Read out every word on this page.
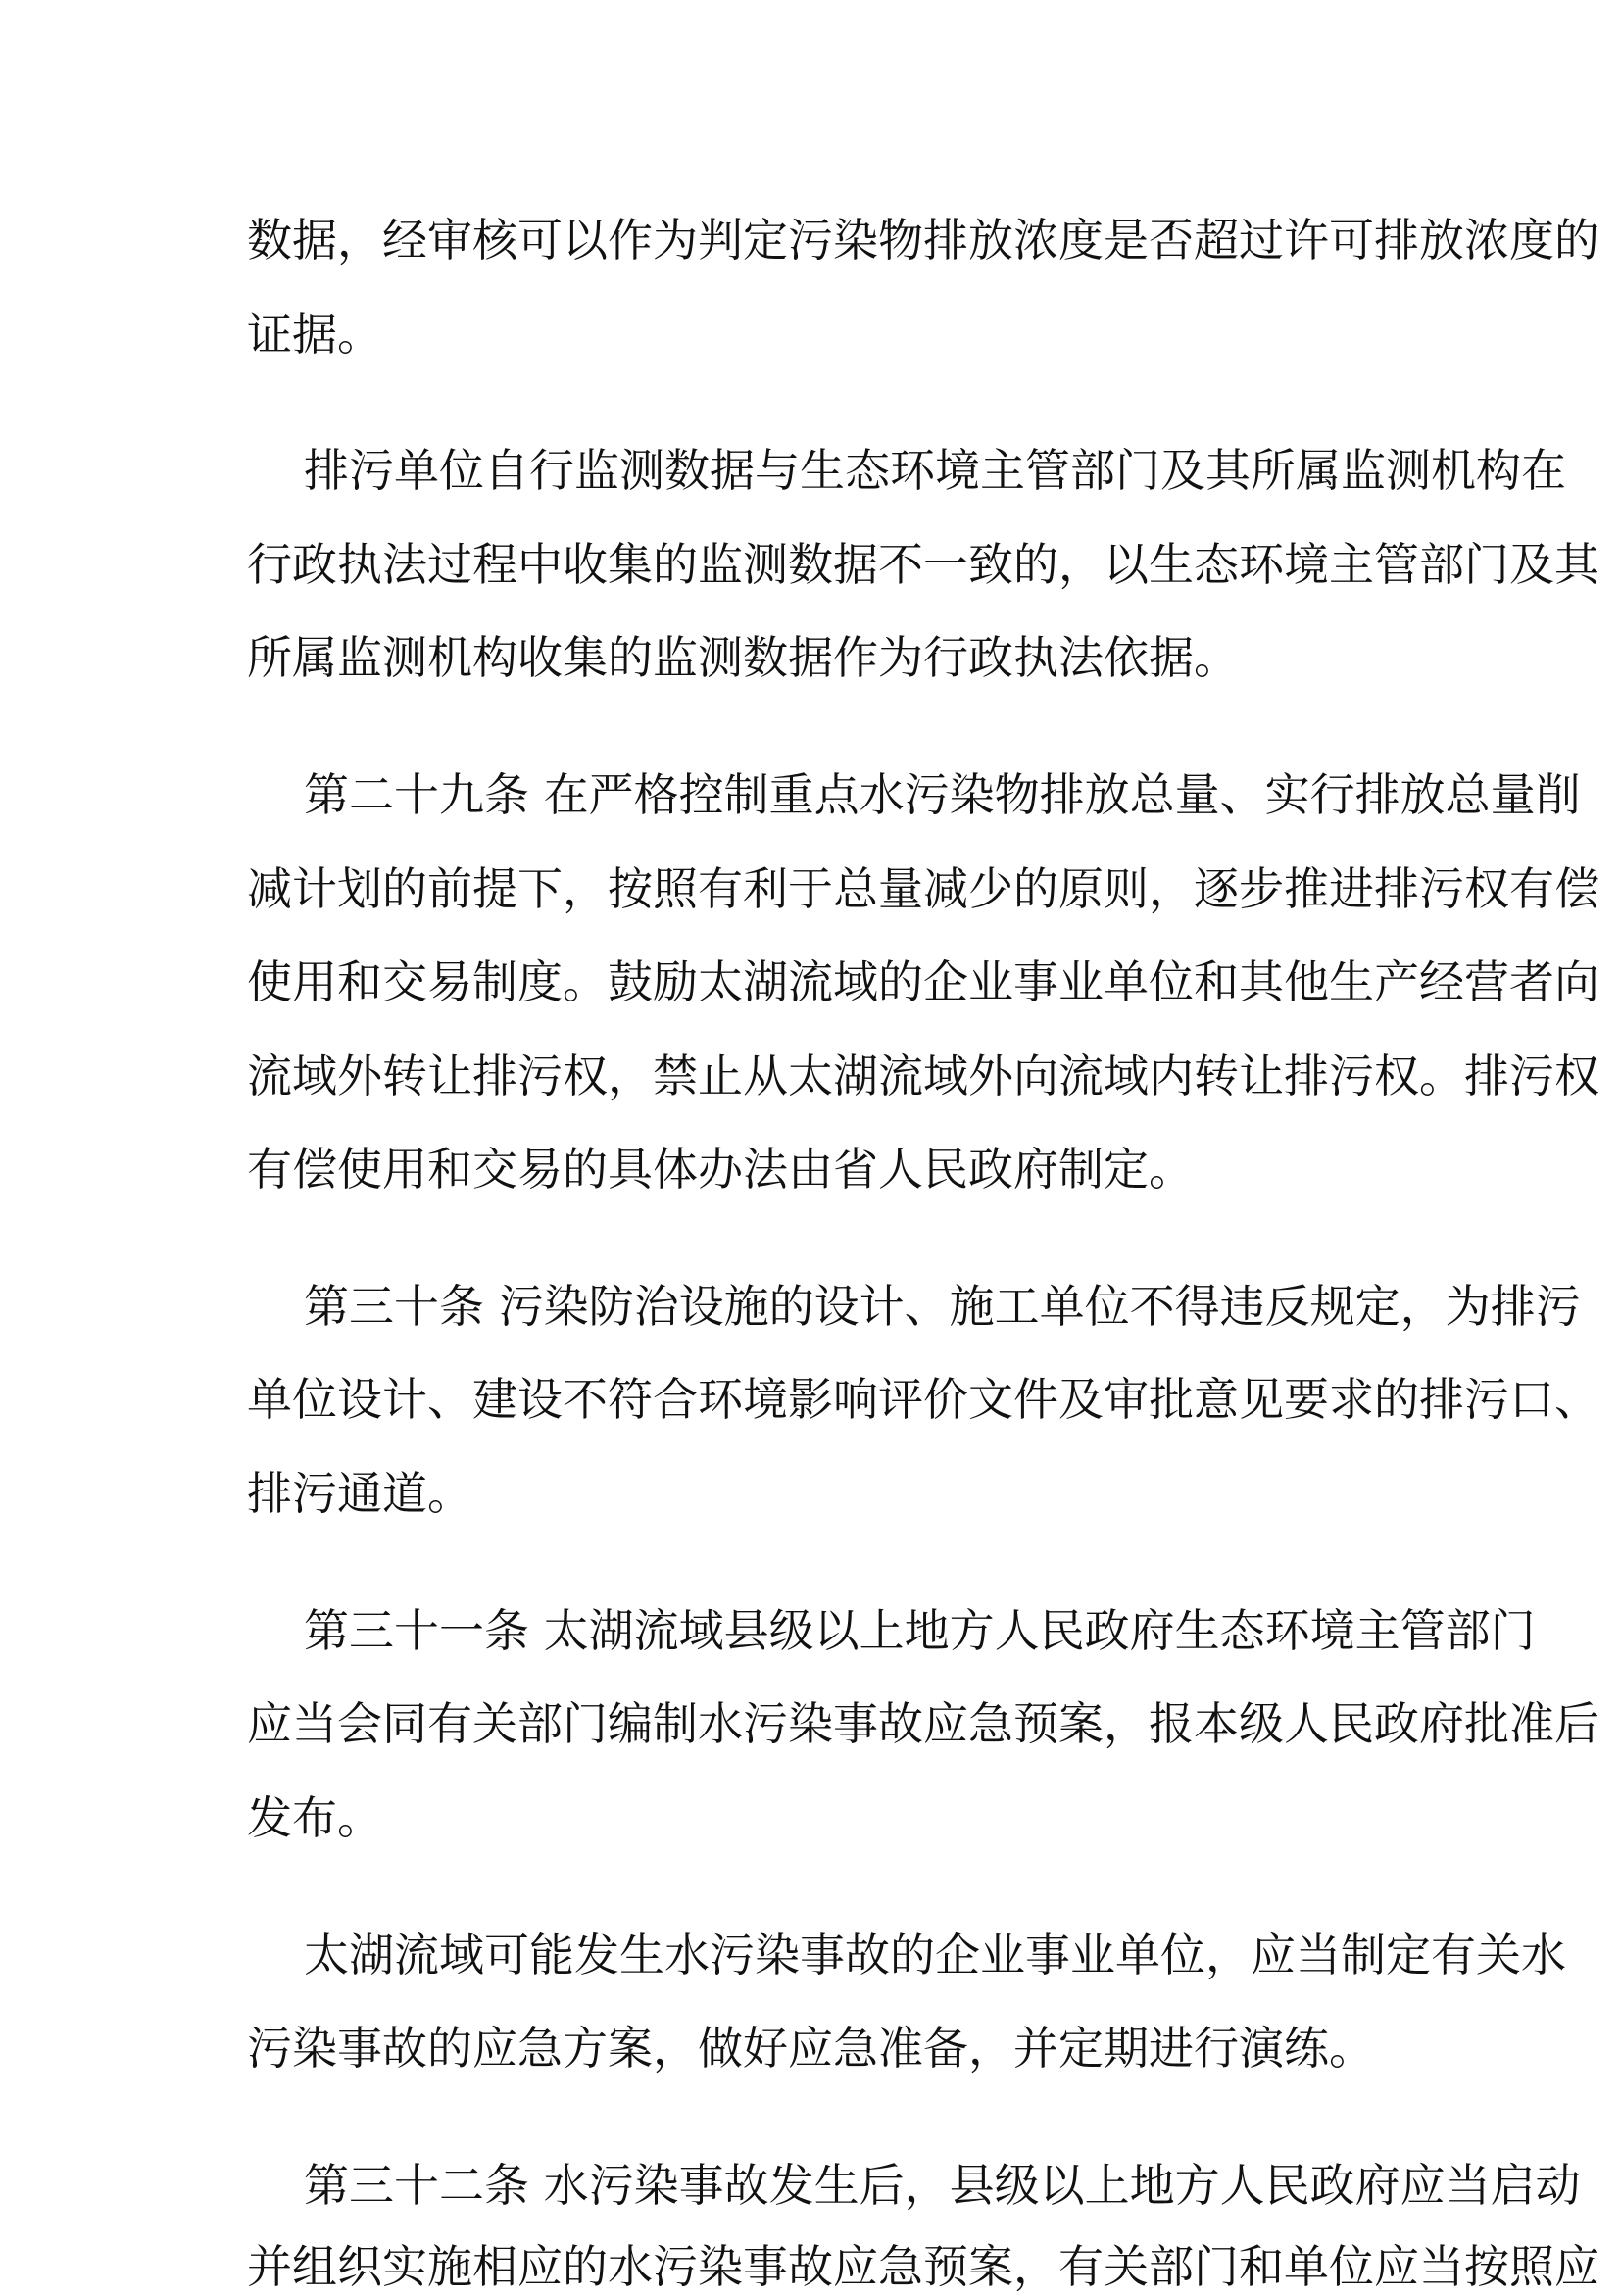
数据，经审核可以作为判定污染物排放浓度是否超过许可排放浓度的
证据。
排污单位自行监测数据与生态环境主管部门及其所属监测机构在
行政执法过程中收集的监测数据不一致的，以生态环境主管部门及其
所属监测机构收集的监测数据作为行政执法依据。
第二十九条 在严格控制重点水污染物排放总量、实行排放总量削
减计划的前提下，按照有利于总量减少的原则，逐步推进排污权有偿
使用和交易制度。鼓励太湖流域的企业事业单位和其他生产经营者向
流域外转让排污权，禁止从太湖流域外向流域内转让排污权。排污权
有偿使用和交易的具体办法由省人民政府制定。
第三十条 污染防治设施的设计、施工单位不得违反规定，为排污
单位设计、建设不符合环境影响评价文件及审批意见要求的排污口、
排污通道。
第三十一条 太湖流域县级以上地方人民政府生态环境主管部门
应当会同有关部门编制水污染事故应急预案，报本级人民政府批准后
发布。
太湖流域可能发生水污染事故的企业事业单位，应当制定有关水
污染事故的应急方案，做好应急准备，并定期进行演练。
第三十二条 水污染事故发生后，县级以上地方人民政府应当启动
并组织实施相应的水污染事故应急预案，有关部门和单位应当按照应
